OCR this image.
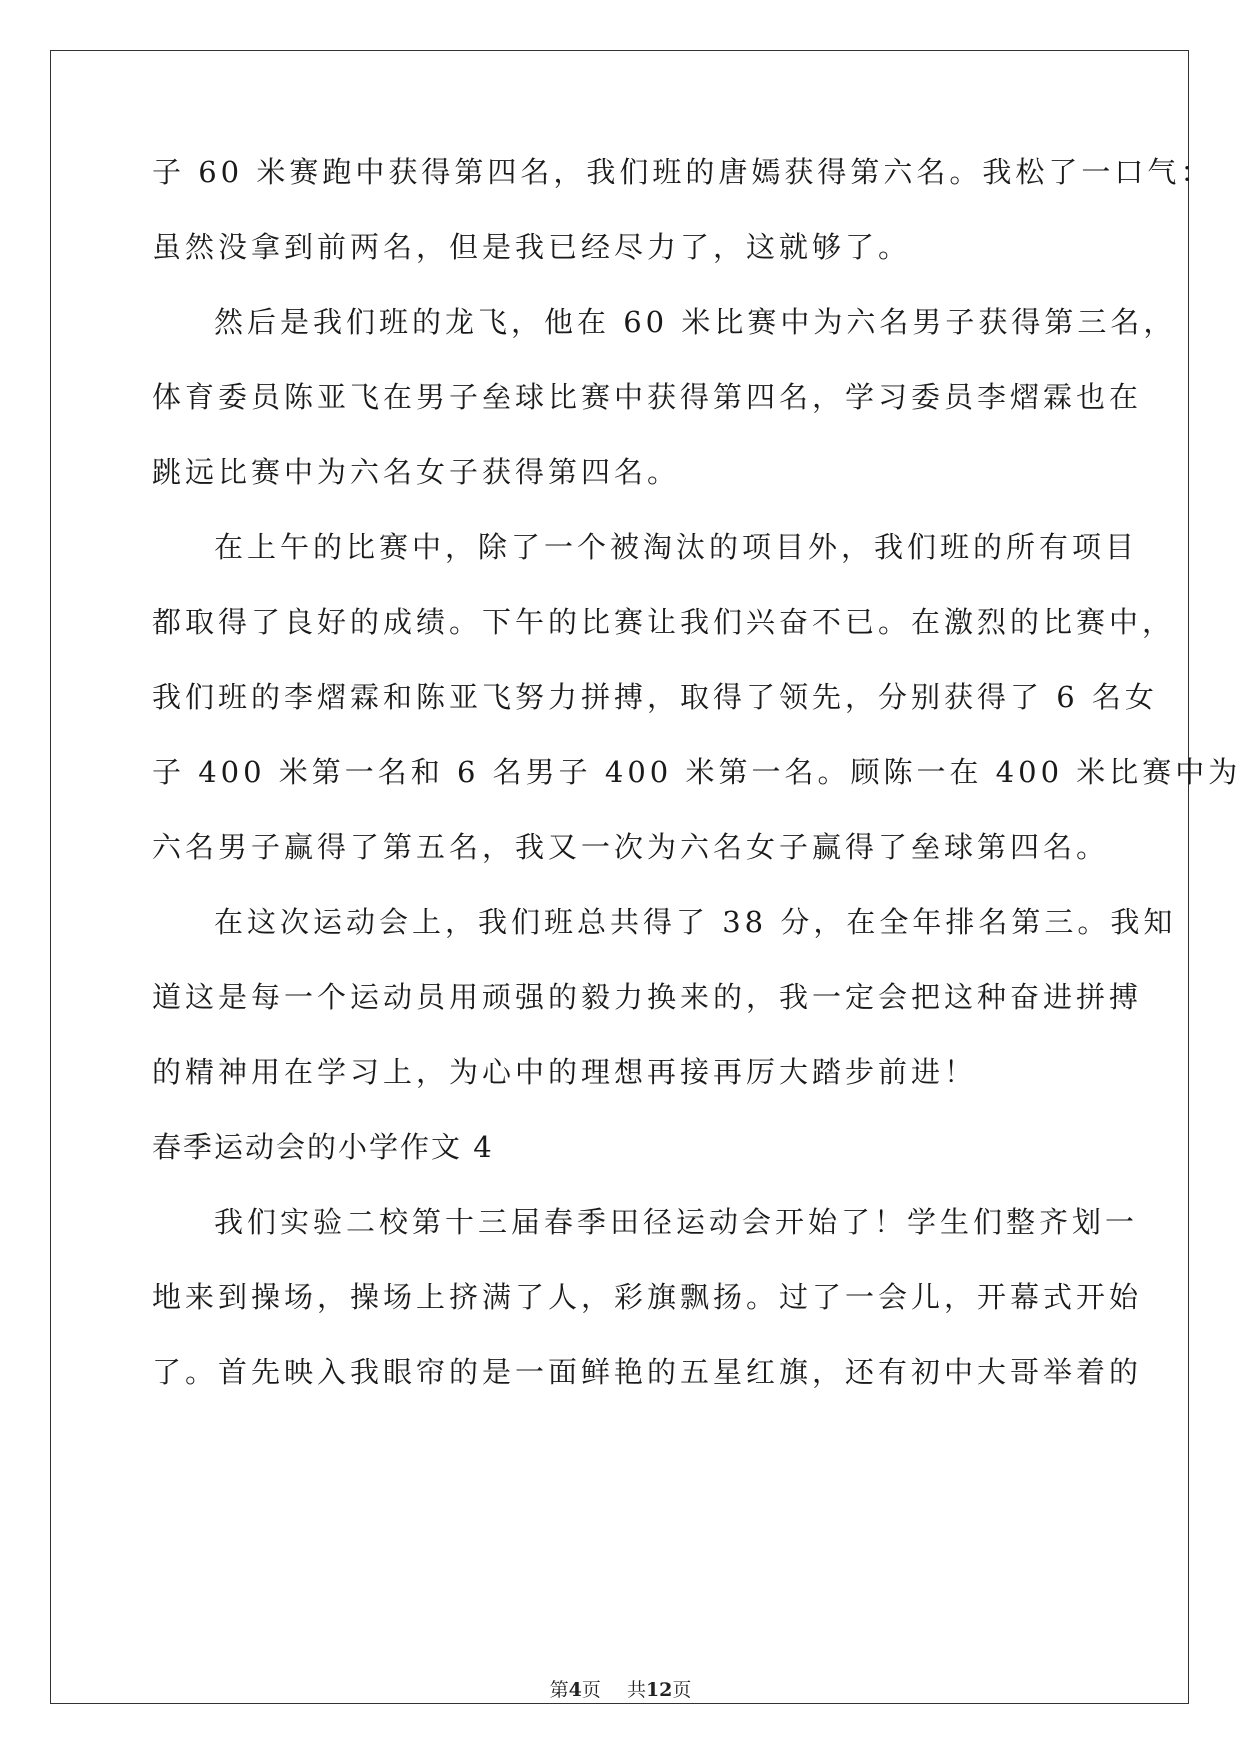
子 60 米赛跑中获得第四名，我们班的唐嫣获得第六名。我松了一口气：
虽然没拿到前两名，但是我已经尽力了，这就够了。
然后是我们班的龙飞，他在 60 米比赛中为六名男子获得第三名，
体育委员陈亚飞在男子垒球比赛中获得第四名，学习委员李熠霖也在
跳远比赛中为六名女子获得第四名。
在上午的比赛中，除了一个被淘汰的项目外，我们班的所有项目
都取得了良好的成绩。下午的比赛让我们兴奋不已。在激烈的比赛中，
我们班的李熠霖和陈亚飞努力拼搏，取得了领先，分别获得了 6 名女
子 400 米第一名和 6 名男子 400 米第一名。顾陈一在 400 米比赛中为
六名男子赢得了第五名，我又一次为六名女子赢得了垒球第四名。
在这次运动会上，我们班总共得了 38 分，在全年排名第三。我知
道这是每一个运动员用顽强的毅力换来的，我一定会把这种奋进拼搏
的精神用在学习上，为心中的理想再接再厉大踏步前进！
春季运动会的小学作文 4
我们实验二校第十三届春季田径运动会开始了！学生们整齐划一
地来到操场，操场上挤满了人，彩旗飘扬。过了一会儿，开幕式开始
了。首先映入我眼帘的是一面鲜艳的五星红旗，还有初中大哥举着的
第4页 共12页
